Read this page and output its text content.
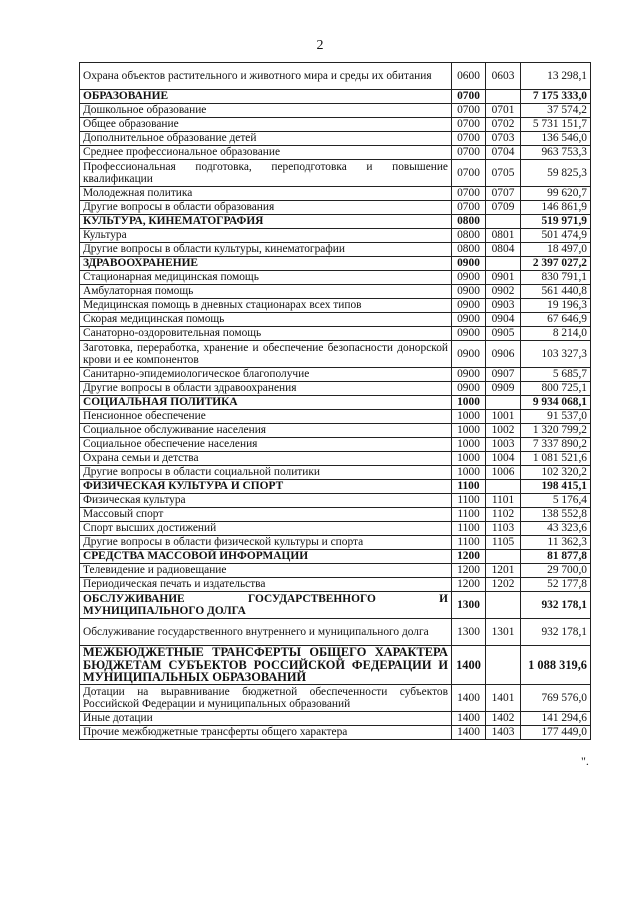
2
Охрана объектов растительного и животного мира и среды их обитания	0600	0603	13 298,1
ОБРАЗОВАНИЕ	0700		7 175 333,0
Дошкольное образование	0700	0701	37 574,2
Общее образование	0700	0702	5 731 151,7
Дополнительное образование детей	0700	0703	136 546,0
Среднее профессиональное образование	0700	0704	963 753,3
Профессиональная подготовка, переподготовка и повышение квалификации	0700	0705	59 825,3
Молодежная политика	0700	0707	99 620,7
Другие вопросы в области образования	0700	0709	146 861,9
КУЛЬТУРА, КИНЕМАТОГРАФИЯ	0800		519 971,9
Культура	0800	0801	501 474,9
Другие вопросы в области культуры, кинематографии	0800	0804	18 497,0
ЗДРАВООХРАНЕНИЕ	0900		2 397 027,2
Стационарная медицинская помощь	0900	0901	830 791,1
Амбулаторная помощь	0900	0902	561 440,8
Медицинская помощь в дневных стационарах всех типов	0900	0903	19 196,3
Скорая медицинская помощь	0900	0904	67 646,9
Санаторно-оздоровительная помощь	0900	0905	8 214,0
Заготовка, переработка, хранение и обеспечение безопасности донорской крови и ее компонентов	0900	0906	103 327,3
Санитарно-эпидемиологическое благополучие	0900	0907	5 685,7
Другие вопросы в области здравоохранения	0900	0909	800 725,1
СОЦИАЛЬНАЯ ПОЛИТИКА	1000		9 934 068,1
Пенсионное обеспечение	1000	1001	91 537,0
Социальное обслуживание населения	1000	1002	1 320 799,2
Социальное обеспечение населения	1000	1003	7 337 890,2
Охрана семьи и детства	1000	1004	1 081 521,6
Другие вопросы в области социальной политики	1000	1006	102 320,2
ФИЗИЧЕСКАЯ КУЛЬТУРА И СПОРТ	1100		198 415,1
Физическая культура	1100	1101	5 176,4
Массовый спорт	1100	1102	138 552,8
Спорт высших достижений	1100	1103	43 323,6
Другие вопросы в области физической культуры и спорта	1100	1105	11 362,3
СРЕДСТВА МАССОВОЙ ИНФОРМАЦИИ	1200		81 877,8
Телевидение и радиовещание	1200	1201	29 700,0
Периодическая печать и издательства	1200	1202	52 177,8
ОБСЛУЖИВАНИЕ ГОСУДАРСТВЕННОГО И МУНИЦИПАЛЬНОГО ДОЛГА	1300		932 178,1
Обслуживание государственного внутреннего и муниципального долга	1300	1301	932 178,1
МЕЖБЮДЖЕТНЫЕ ТРАНСФЕРТЫ ОБЩЕГО ХАРАКТЕРА БЮДЖЕТАМ СУБЪЕКТОВ РОССИЙСКОЙ ФЕДЕРАЦИИ И МУНИЦИПАЛЬНЫХ ОБРАЗОВАНИЙ	1400		1 088 319,6
Дотации на выравнивание бюджетной обеспеченности субъектов Российской Федерации и муниципальных образований	1400	1401	769 576,0
Иные дотации	1400	1402	141 294,6
Прочие межбюджетные трансферты общего характера	1400	1403	177 449,0
".
